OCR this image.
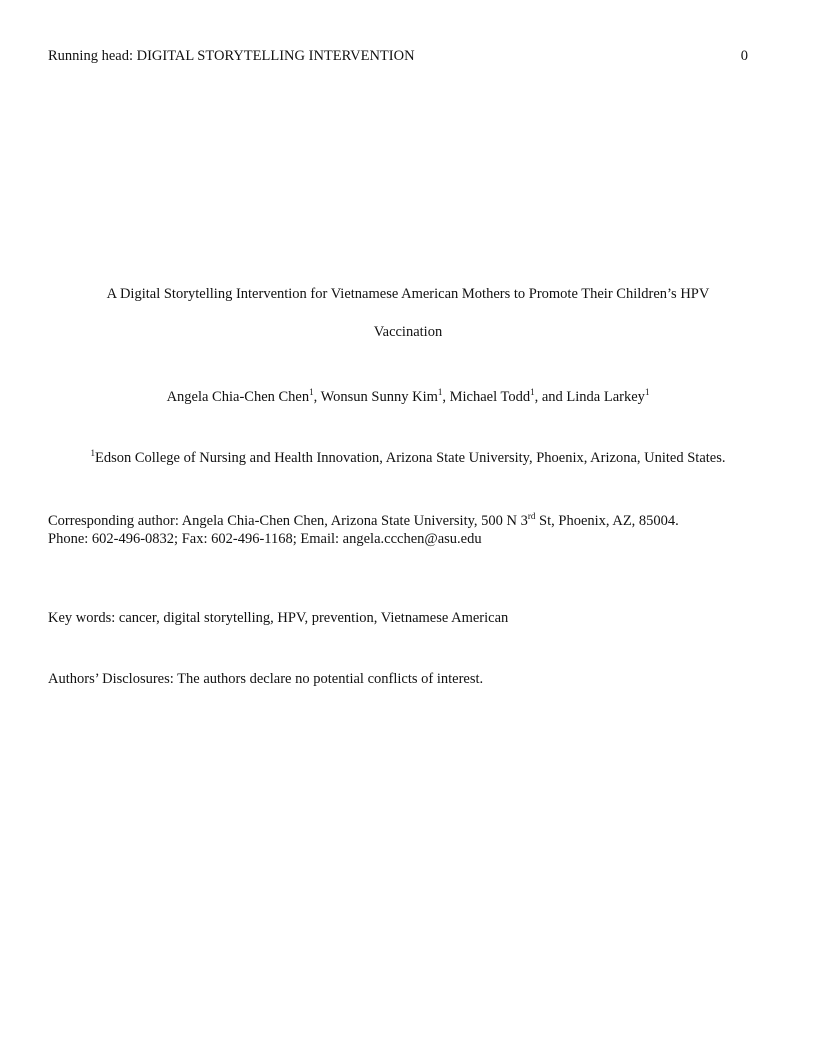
Running head: DIGITAL STORYTELLING INTERVENTION	0
A Digital Storytelling Intervention for Vietnamese American Mothers to Promote Their Children’s HPV
Vaccination
Angela Chia-Chen Chen$^1$, Wonsun Sunny Kim$^1$, Michael Todd$^1$, and Linda Larkey$^1$
$^1$Edson College of Nursing and Health Innovation, Arizona State University, Phoenix, Arizona, United States.
Corresponding author: Angela Chia-Chen Chen, Arizona State University, 500 N 3rd St, Phoenix, AZ, 85004.
Phone: 602-496-0832; Fax: 602-496-1168; Email: angela.ccchen@asu.edu
Key words: cancer, digital storytelling, HPV, prevention, Vietnamese American
Authors’ Disclosures: The authors declare no potential conflicts of interest.
